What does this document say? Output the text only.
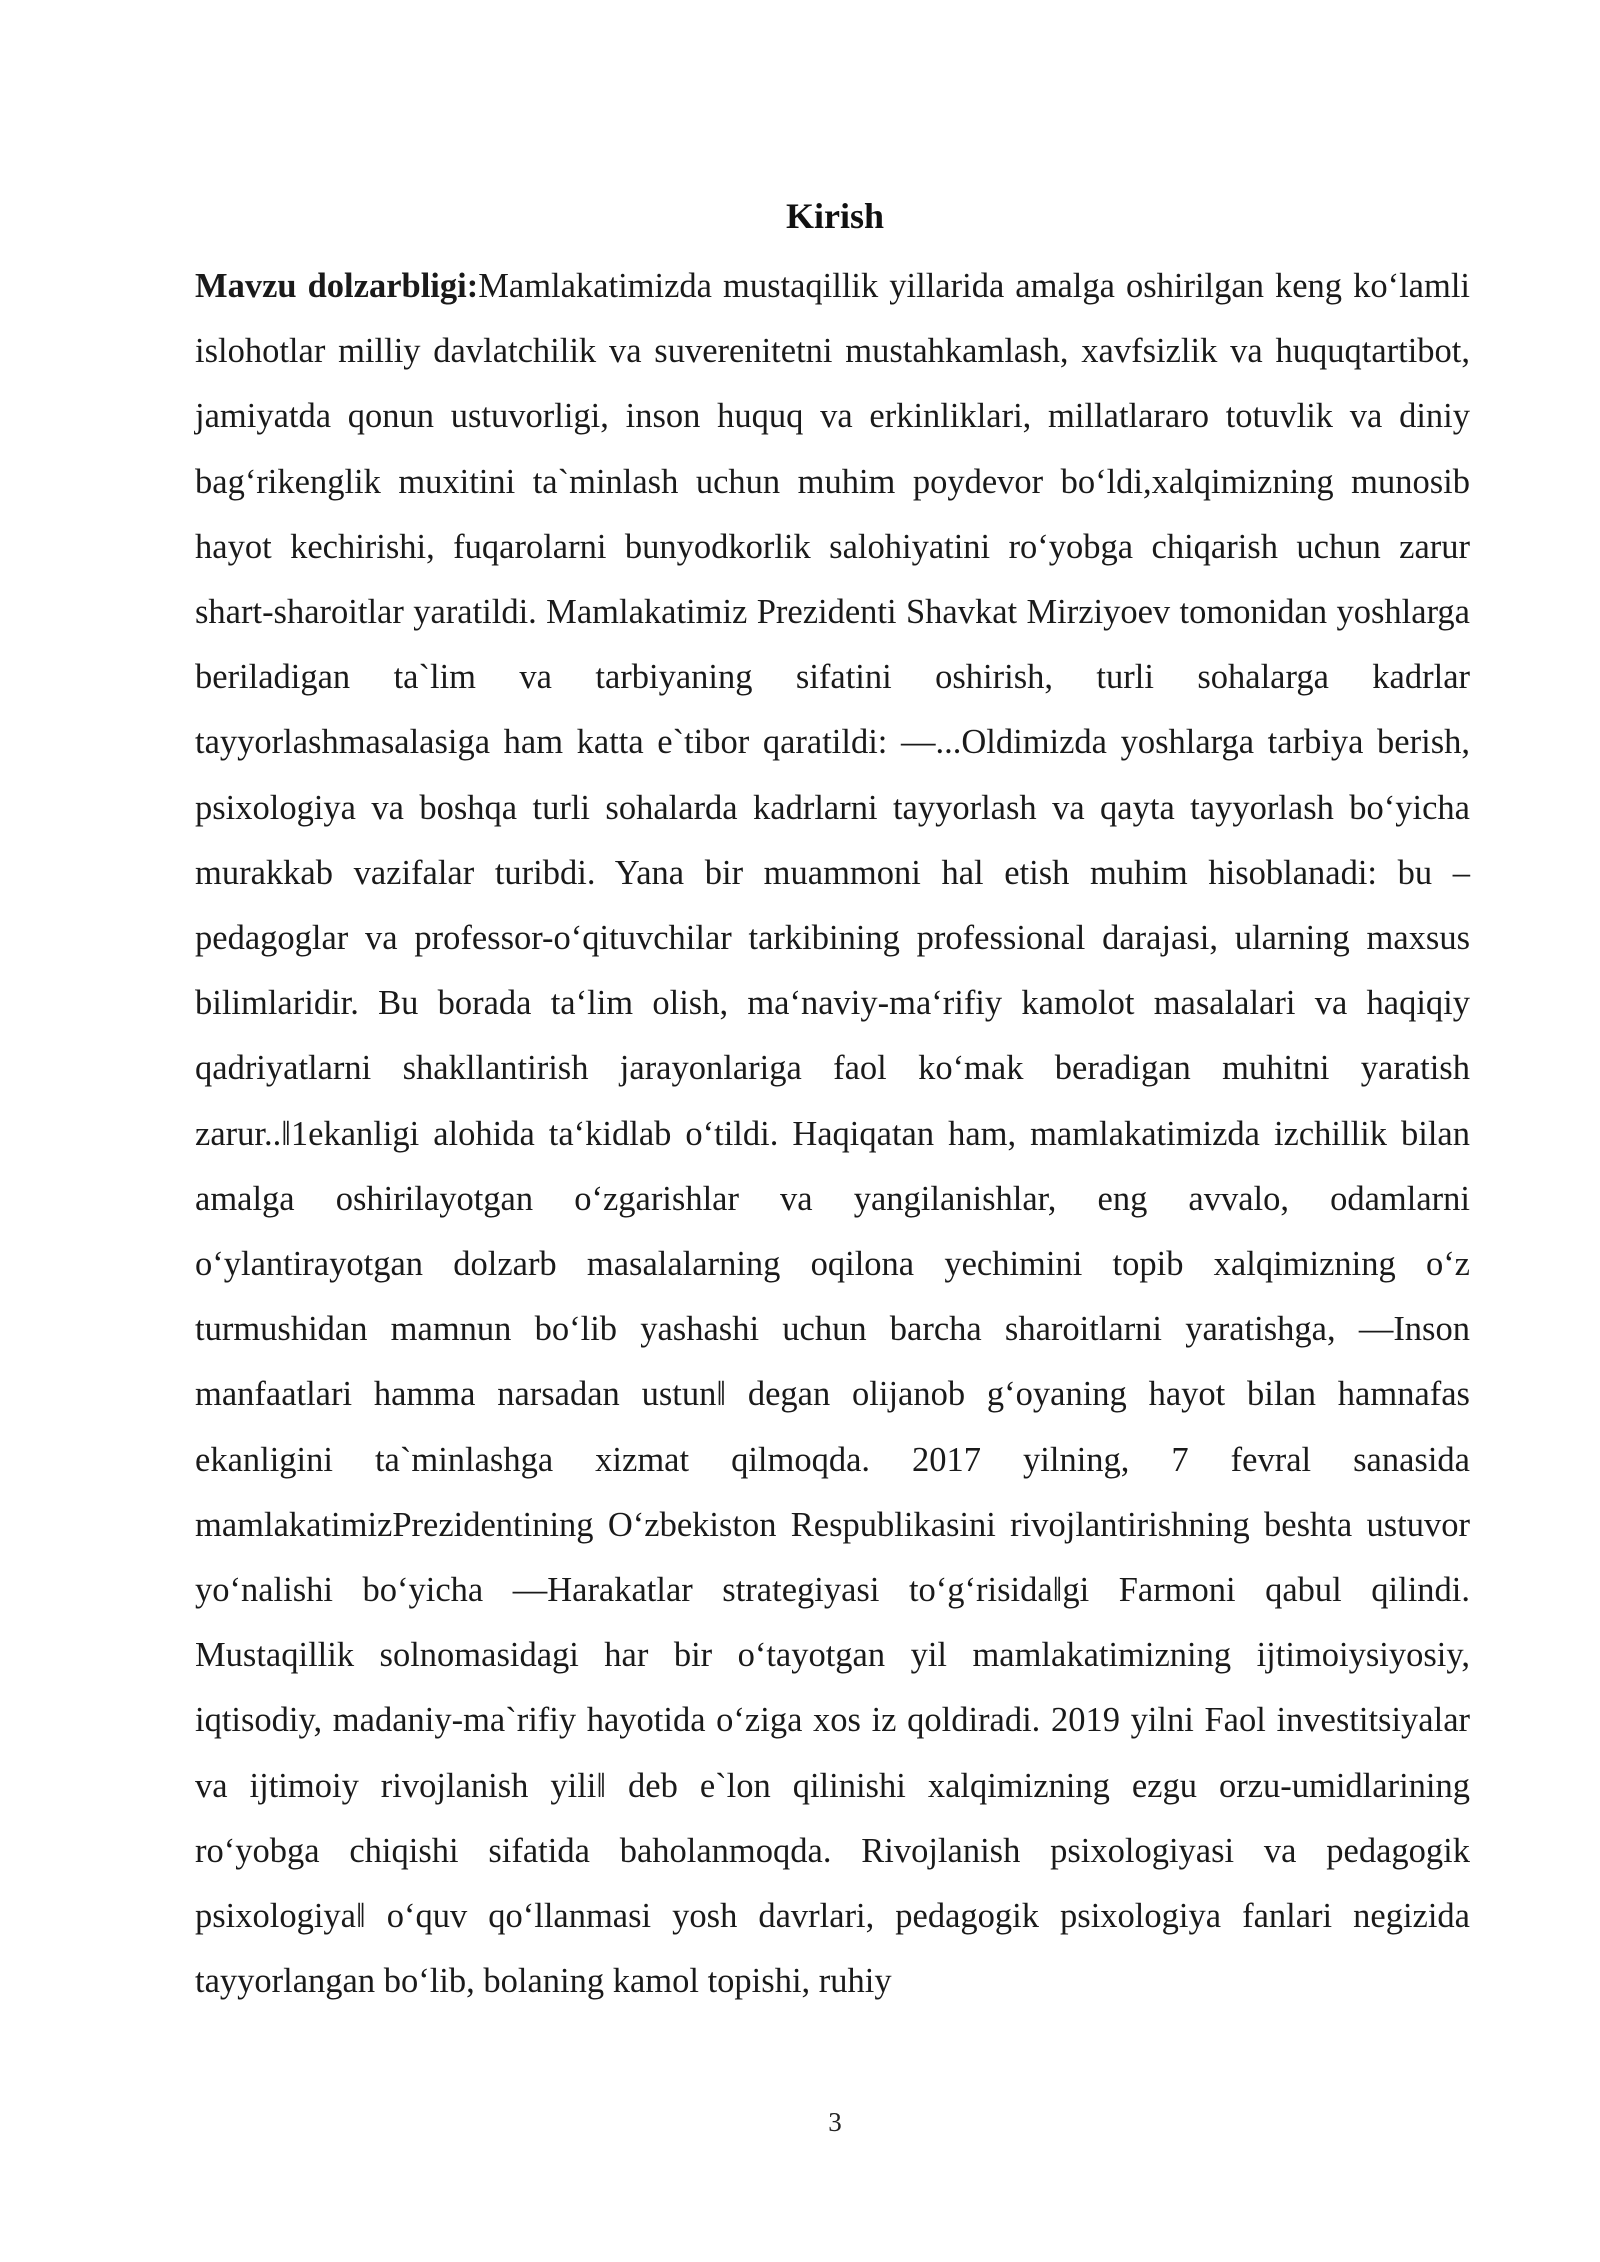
Kirish

Mavzu dolzarbligi:Mamlakatimizda mustaqillik yillarida amalga oshirilgan keng koʻlamli islohotlar milliy davlatchilik va suverenitetni mustahkamlash, xavfsizlik va huquqtartibot, jamiyatda qonun ustuvorligi, inson huquq va erkinliklari, millatlararo totuvlik va diniy bagʻrikenglik muxitini ta`minlash uchun muhim poydevor boʻldi,xalqimizning munosib hayot kechirishi, fuqarolarni bunyodkorlik salohiyatini roʻyobga chiqarish uchun zarur shart-sharoitlar yaratildi. Mamlakatimiz Prezidenti Shavkat Mirziyoev tomonidan yoshlarga beriladigan ta`lim va tarbiyaning sifatini oshirish, turli sohalarga kadrlar tayyorlashmasalasiga ham katta e`tibor qaratildi: ―...Oldimizda yoshlarga tarbiya berish, psixologiya va boshqa turli sohalarda kadrlarni tayyorlash va qayta tayyorlash boʻyicha murakkab vazifalar turibdi. Yana bir muammoni hal etish muhim hisoblanadi: bu – pedagoglar va professor-oʻqituvchilar tarkibining professional darajasi, ularning maxsus bilimlaridir. Bu borada taʻlim olish, maʻnaviy-maʻrifiy kamolot masalalari va haqiqiy qadriyatlarni shakllantirish jarayonlariga faol koʻmak beradigan muhitni yaratish zarur..‖1ekanligi alohida taʻkidlab oʻtildi. Haqiqatan ham, mamlakatimizda izchillik bilan amalga oshirilayotgan oʻzgarishlar va yangilanishlar, eng avvalo, odamlarni oʻylantirayotgan dolzarb masalalarning oqilona yechimini topib xalqimizning oʻz turmushidan mamnun boʻlib yashashi uchun barcha sharoitlarni yaratishga, ―Inson manfaatlari hamma narsadan ustun‖ degan olijanob gʻoyaning hayot bilan hamnafas ekanligini ta`minlashga xizmat qilmoqda. 2017 yilning, 7 fevral sanasida mamlakatimizPrezidentining Oʻzbekiston Respublikasini rivojlantirishning beshta ustuvor yoʻnalishi boʻyicha ―Harakatlar strategiyasi toʻgʻrisida‖gi Farmoni qabul qilindi. Mustaqillik solnomasidagi har bir oʻtayotgan yil mamlakatimizning ijtimoiysiyosiy, iqtisodiy, madaniy-ma`rifiy hayotida oʻziga xos iz qoldiradi. 2019 yilni Faol investitsiyalar va ijtimoiy rivojlanish yili‖ deb e`lon qilinishi xalqimizning ezgu orzu-umidlarining roʻyobga chiqishi sifatida baholanmoqda. Rivojlanish psixologiyasi va pedagogik psixologiya‖ oʻquv qoʻllanmasi yosh davrlari, pedagogik psixologiya fanlari negizida tayyorlangan boʻlib, bolaning kamol topishi, ruhiy

3
